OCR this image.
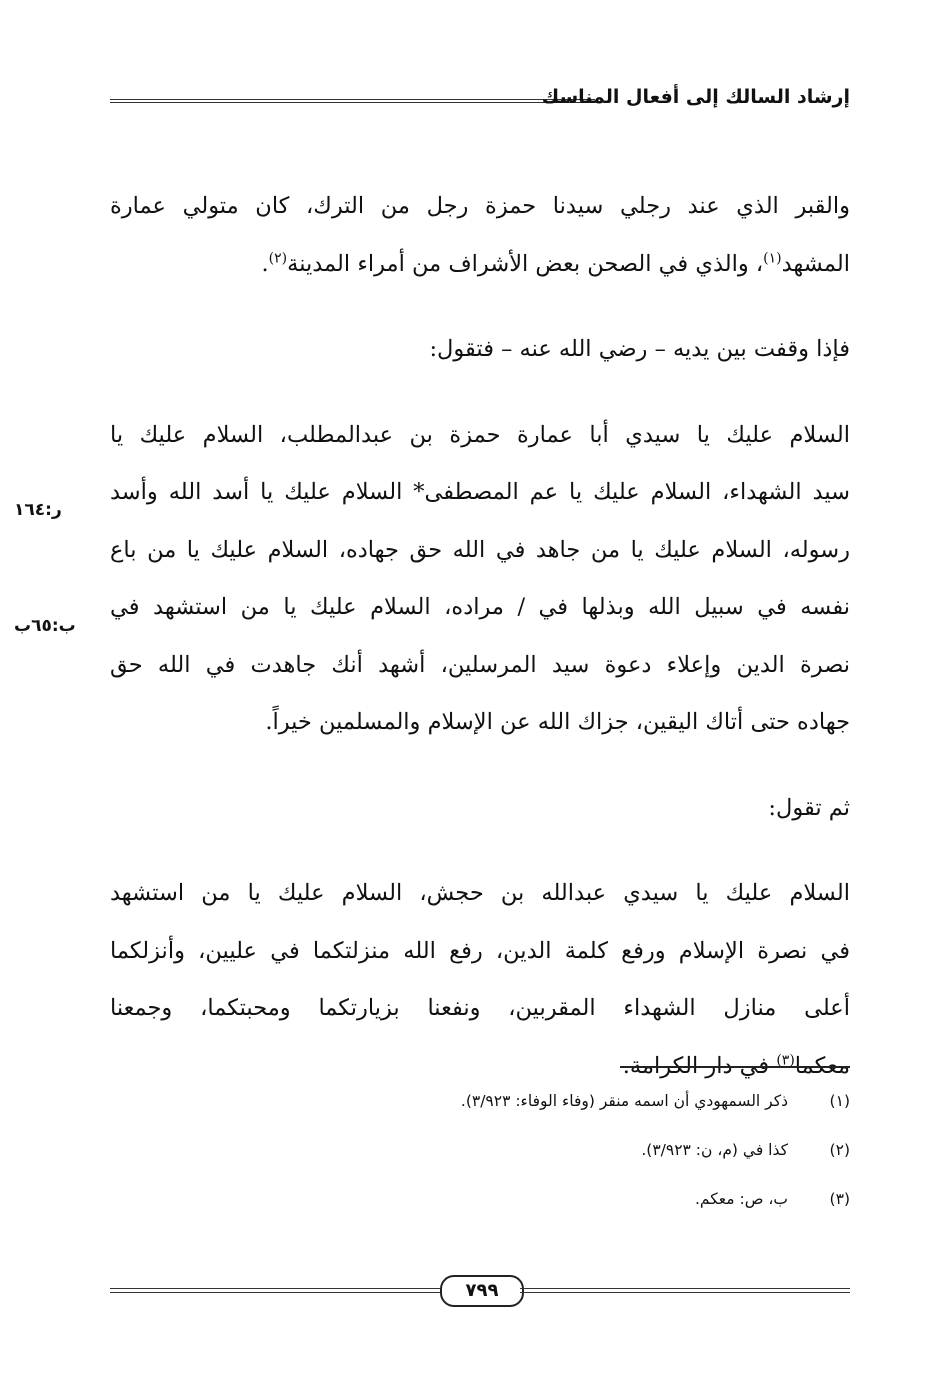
إرشاد السالك إلى أفعال المناسك
والقبر الذي عند رجلي سيدنا حمزة رجل من الترك، كان متولي عمارة
المشهد$^{(١)}$، والذي في الصحن بعض الأشراف من أمراء المدينة$^{(٢)}$.
فإذا وقفت بين يديه – رضي الله عنه – فتقول:
السلام عليك يا سيدي أبا عمارة حمزة بن عبدالمطلب، السلام عليك يا
سيد الشهداء، السلام عليك يا عم المصطفى* السلام عليك يا أسد الله وأسد
رسوله، السلام عليك يا من جاهد في الله حق جهاده، السلام عليك يا من باع
نفسه في سبيل الله وبذلها في / مراده، السلام عليك يا من استشهد في
نصرة الدين وإعلاء دعوة سيد المرسلين، أشهد أنك جاهدت في الله حق
جهاده حتى أتاك اليقين، جزاك الله عن الإسلام والمسلمين خيراً.
ثم تقول:
السلام عليك يا سيدي عبدالله بن حجش، السلام عليك يا من استشهد
في نصرة الإسلام ورفع كلمة الدين، رفع الله منزلتكما في عليين، وأنزلكما
أعلى منازل الشهداء المقربين، ونفعنا بزيارتكما ومحبتكما، وجمعنا
معكما$^{(٣)}$ في دار الكرامة.
ر:١٦٤
ب:٦٥ب
(١)
ذكر السمهودي أن اسمه منقر (وفاء الوفاء: ٣/٩٢٣).
(٢)
كذا في (م، ن: ٣/٩٢٣).
(٣)
ب، ص: معكم.
٧٩٩
